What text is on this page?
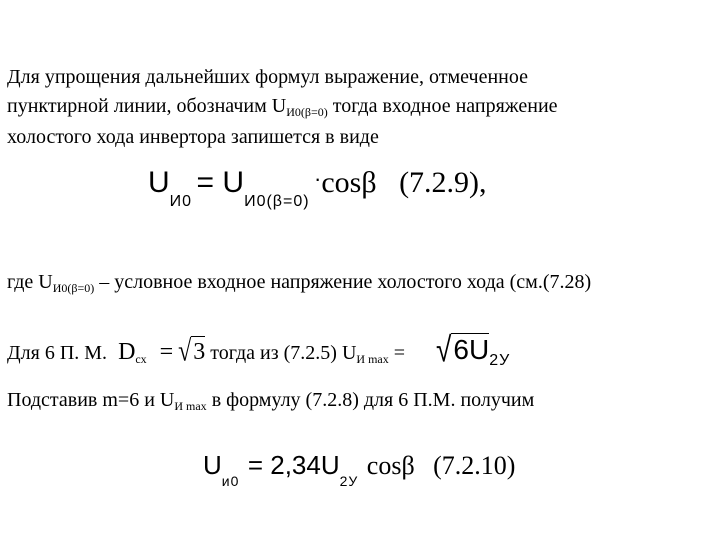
Для упрощения дальнейших формул выражение, отмеченное
пунктирной линии, обозначим $U_{И0(\beta=0)}$ тогда входное напряжение
холостого хода инвертора запишется в виде
UИ0 = UИ0(β=0) ·cosβ (7.2.9),
где $U_{И0(\beta=0)}$ – условное входное напряжение холостого хода (см.(7.28)
Для 6 П. М. $D_{сх} = √3$ тогда из (7.2.5) $U_{И max} = √6U_{2У}$
Подставив m=6 и $U_{И max}$ в формулу (7.2.8) для 6 П.М. получим
Uи0 = 2,34U2У cosβ (7.2.10)
